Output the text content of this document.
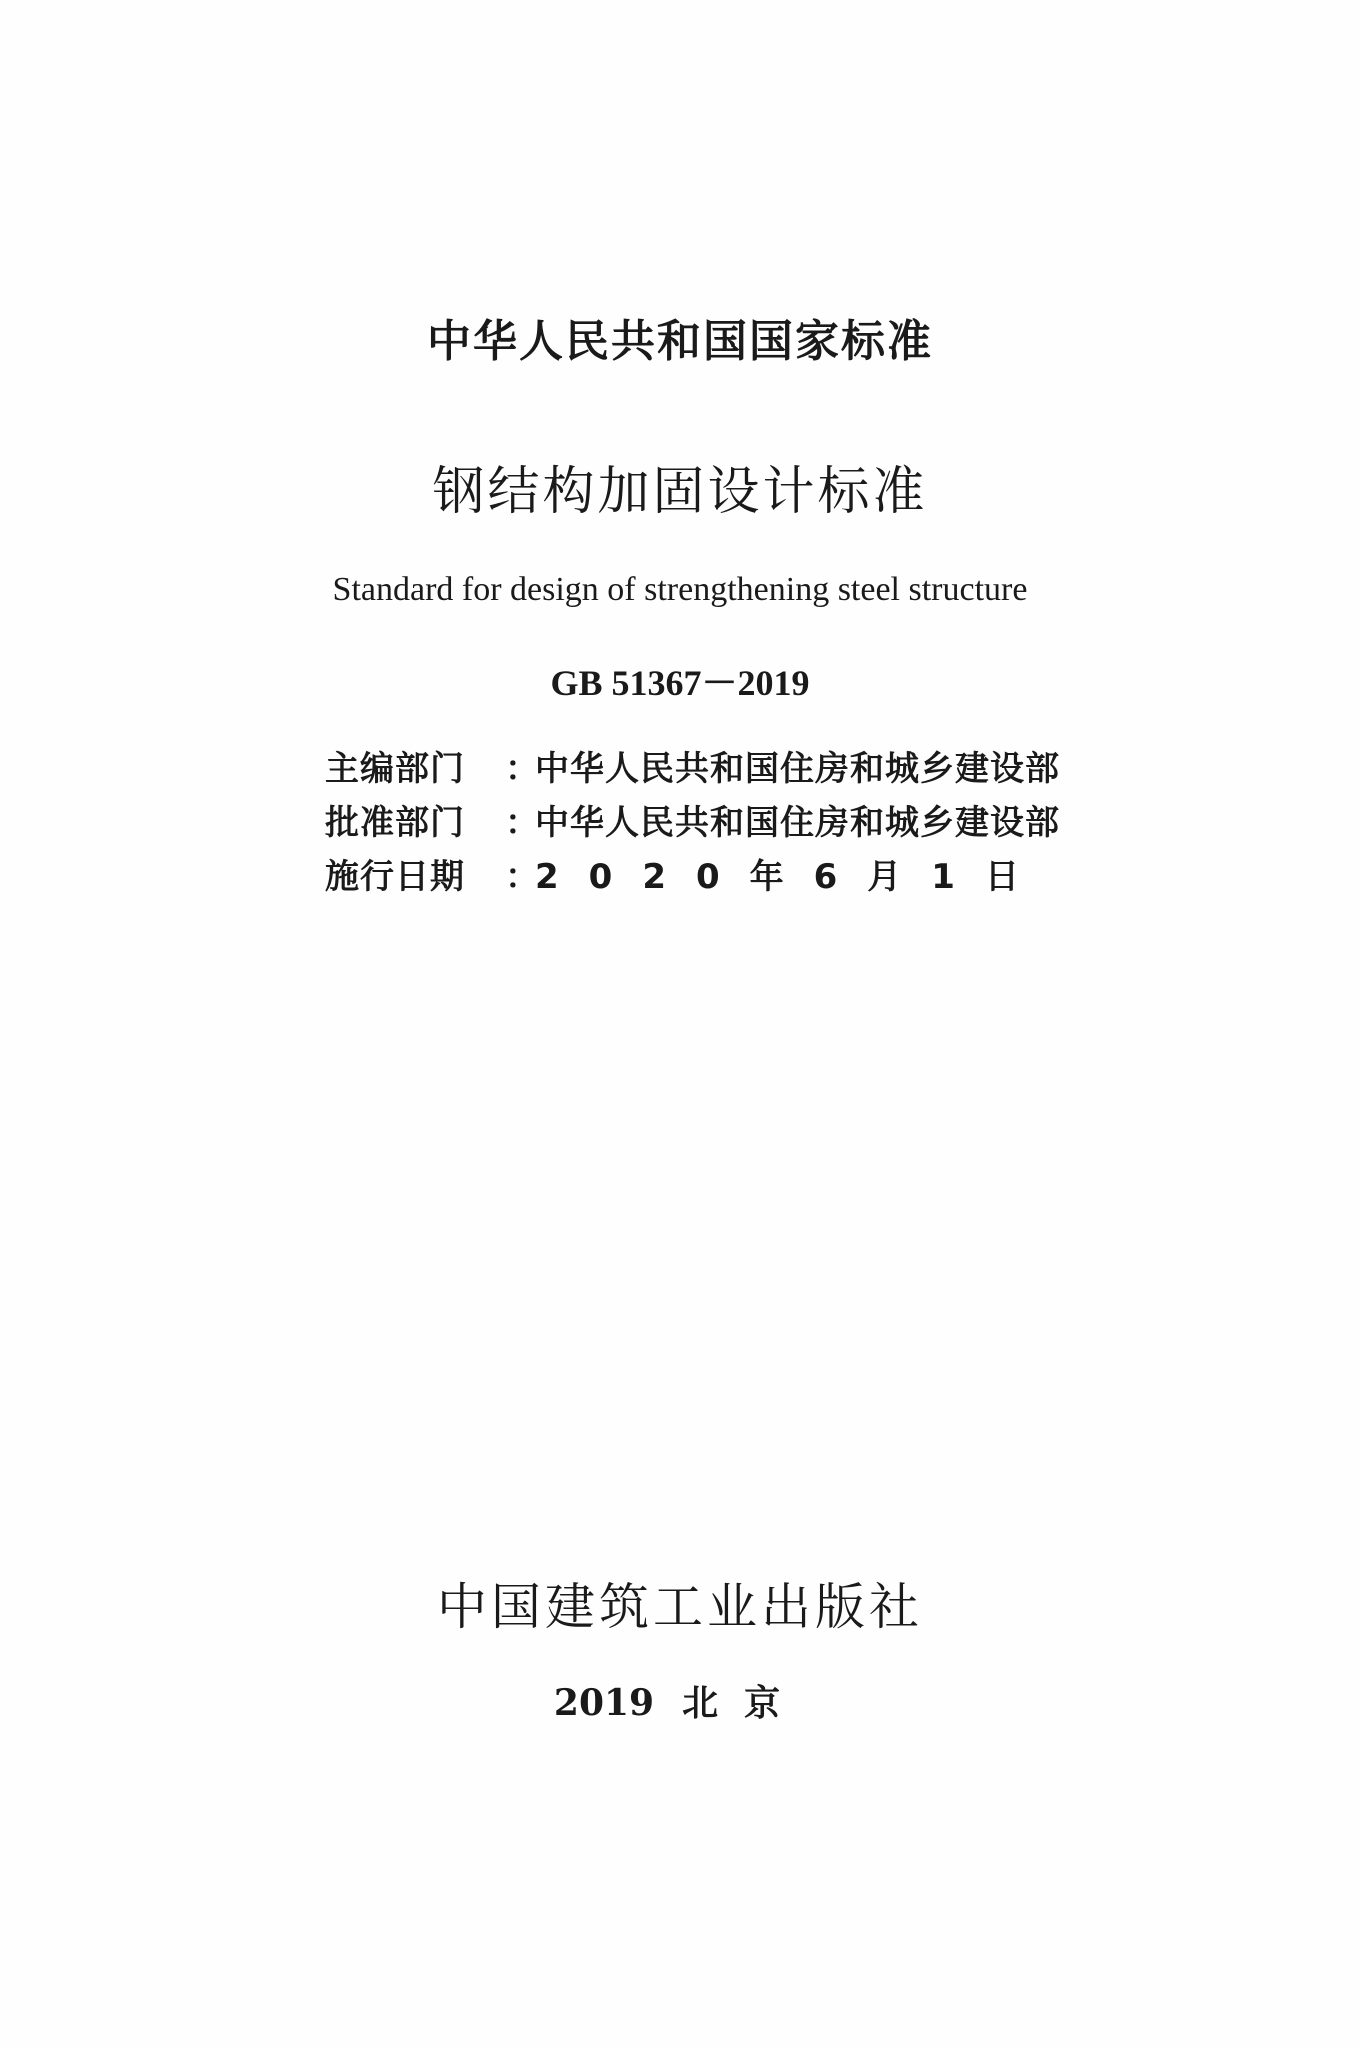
中华人民共和国国家标准
钢结构加固设计标准
Standard for design of strengthening steel structure
GB 51367－2019
主编部门	：
中华人民共和国住房和城乡建设部
批准部门	：
中华人民共和国住房和城乡建设部
施行日期	：
2020年6月1日
中国建筑工业出版社
2019 北京
